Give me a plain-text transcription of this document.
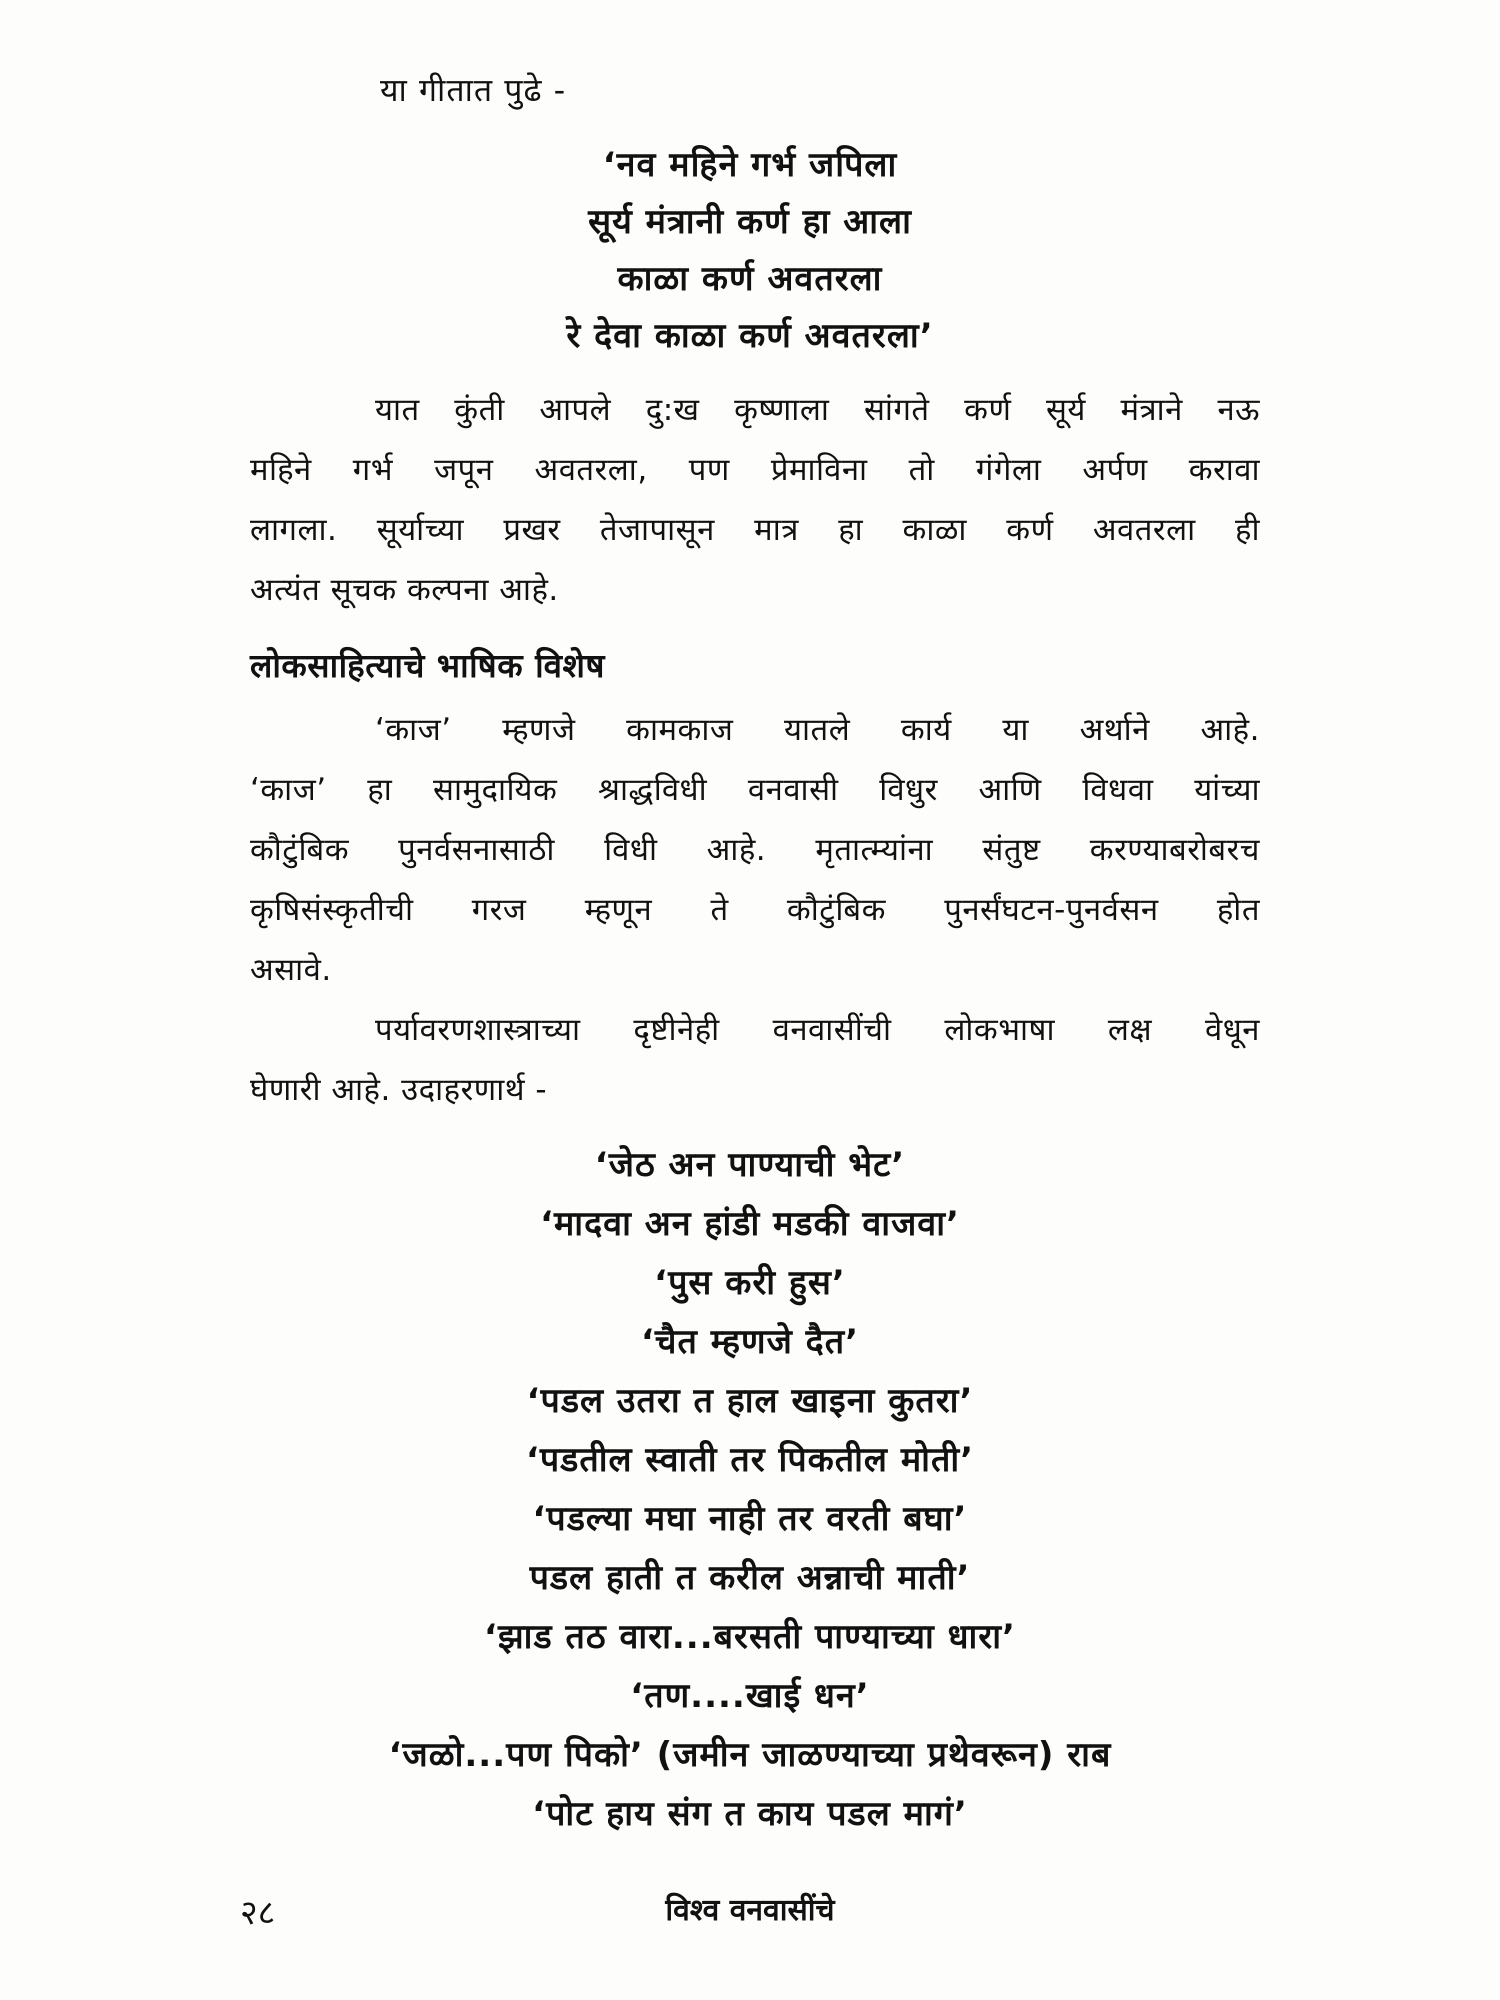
या गीतात पुढे -
‘नव महिने गर्भ जपिला
सूर्य मंत्रानी कर्ण हा आला
काळा कर्ण अवतरला
रे देवा काळा कर्ण अवतरला’
यात कुंती आपले दु:ख कृष्णाला सांगते कर्ण सूर्य मंत्राने नऊ
महिने गर्भ जपून अवतरला, पण प्रेमाविना तो गंगेला अर्पण करावा
लागला. सूर्याच्या प्रखर तेजापासून मात्र हा काळा कर्ण अवतरला ही
अत्यंत सूचक कल्पना आहे.
लोकसाहित्याचे भाषिक विशेष
‘काज’ म्हणजे कामकाज यातले कार्य या अर्थाने आहे.
‘काज’ हा सामुदायिक श्राद्धविधी वनवासी विधुर आणि विधवा यांच्या
कौटुंबिक पुनर्वसनासाठी विधी आहे. मृतात्म्यांना संतुष्ट करण्याबरोबरच
कृषिसंस्कृतीची गरज म्हणून ते कौटुंबिक पुनर्संघटन-पुनर्वसन होत
असावे.
पर्यावरणशास्त्राच्या दृष्टीनेही वनवासींची लोकभाषा लक्ष वेधून
घेणारी आहे. उदाहरणार्थ -
‘जेठ अन पाण्याची भेट’
‘मादवा अन हांडी मडकी वाजवा’
‘पुस करी हुस’
‘चैत म्हणजे दैत’
‘पडल उतरा त हाल खाइना कुतरा’
‘पडतील स्वाती तर पिकतील मोती’
‘पडल्या मघा नाही तर वरती बघा’
पडल हाती त करील अन्नाची माती’
‘झाड तठ वारा...बरसती पाण्याच्या धारा’
‘तण....खाई धन’
‘जळो...पण पिको’ (जमीन जाळण्याच्या प्रथेवरून) राब
‘पोट हाय संग त काय पडल मागं’
२८	विश्व वनवासींचे
